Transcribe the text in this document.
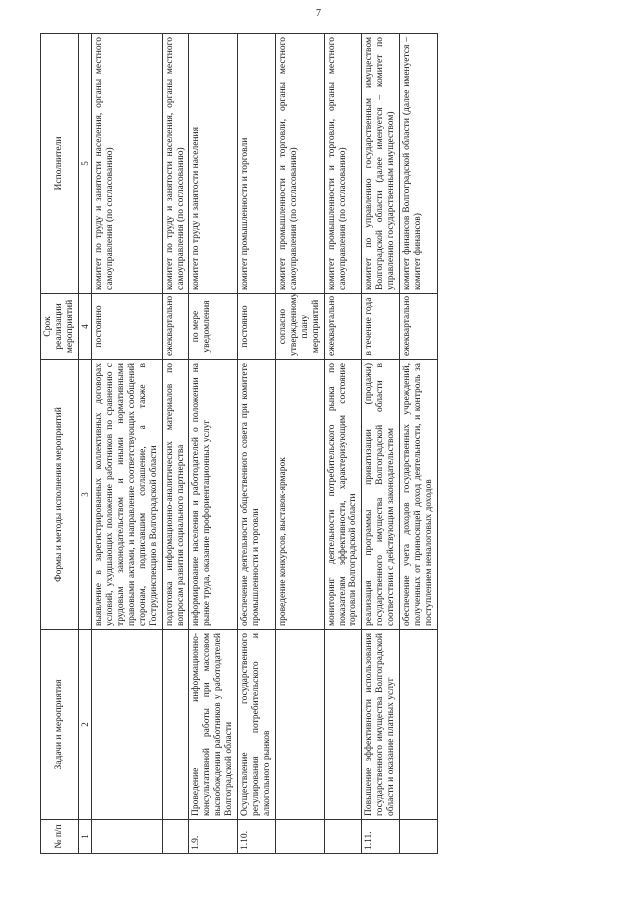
7
№ п/п	Задачи и мероприятия	Формы и методы исполнения мероприятий	Срок реализации мероприятий	Исполнители
1	2	3	4	5
		выявление в зарегистрированных коллективных договорах условий, ухудшающих положение работников по сравнению с трудовым законодательством и иными нормативными правовыми актами, и направление соответствующих сообщений сторонам, подписавшим соглашение, а также в Гострудинспекцию в Волгоградской области	постоянно	комитет по труду и занятости населения, органы местного самоуправления (по согласованию)
		подготовка информационно-аналитических материалов по вопросам развития социального партнерства	ежеквартально	комитет по труду и занятости населения, органы местного самоуправления (по согласованию)
1.9.	Проведение информационно-консультативной работы при массовом высвобождении работников у работодателей Волгоградской области	информирование населения и работодателей о положении на рынке труда, оказание профориентационных услуг	по мере уведомления	комитет по труду и занятости населения
1.10.	Осуществление государственного регулирования потребительского и алкогольного рынков	обеспечение деятельности общественного совета при комитете промышленности и торговли	постоянно	комитет промышленности и торговли
		проведение конкурсов, выставок-ярмарок	согласно утвержденному плану мероприятий	комитет промышленности и торговли, органы местного самоуправления (по согласованию)
		мониторинг деятельности потребительского рынка по показателям эффективности, характеризующим состояние торговли Волгоградской области	ежеквартально	комитет промышленности и торговли, органы местного самоуправления (по согласованию)
1.11.	Повышение эффективности использования государственного имущества Волгоградской области и оказание платных услуг	реализация программы приватизации (продажи) государственного имущества Волгоградской области в соответствии с действующим законодательством	в течение года	комитет по управлению государственным имуществом Волгоградской области (далее именуется – комитет по управлению государственным имуществом)
		обеспечение учета доходов государственных учреждений, полученных от приносящей доход деятельности, и контроль за поступлением неналоговых доходов	ежеквартально	комитет финансов Волгоградской области (далее именуется – комитет финансов)
